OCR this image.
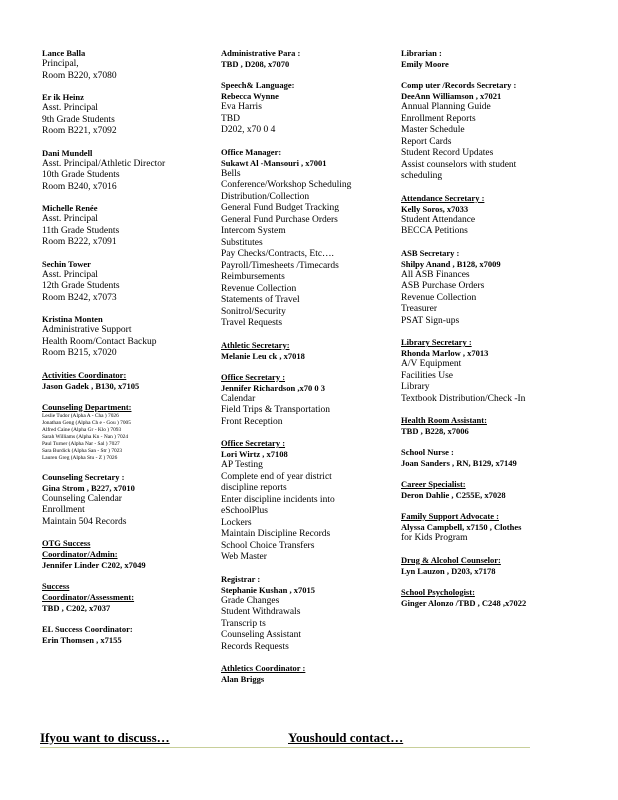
Lance Balla
Principal,
Room B220, x7080
Er ik Heinz
Asst. Principal
9th Grade Students
Room B221, x7092
Dani Mundell
Asst. Principal/Athletic Director
10th Grade Students
Room B240, x7016
Michelle Renée
Asst. Principal
11th Grade Students
Room B222, x7091
Sechin Tower
Asst. Principal
12th Grade Students
Room B242, x7073
Kristina Monten
Administrative Support
Health Room/Contact Backup
Room B215, x7020
Activities Coordinator:
Jason Gadek , B130, x7105
Counseling Department:
Leslie Tudor (Alpha A - Cha ) 7026
Jonathan Geng (Alpha Ch e - Gou ) 7005
Alfred Caine (Alpha Gr - Klo ) 7093
Sarah Williams (Alpha Kn - Nan ) 7024
Paul Turner (Alpha Nar - Sal ) 7027
Sara Burdick (Alpha San - Str ) 7023
Lauren Greg (Alpha Stu - Z ) 7026
Counseling Secretary :
Gina Strom , B227, x7010
Counseling Calendar
Enrollment
Maintain 504 Records
OTG Success
Coordinator/Admin:
Jennifer Linder C202, x7049
Success
Coordinator/Assessment:
TBD , C202, x7037
EL Success Coordinator:
Erin Thomsen , x7155
Administrative Para :
TBD , D208, x7070
Speech& Language:
Rebecca Wynne
Eva Harris
TBD
D202, x70 0 4
Office Manager:
Sukawt Al -Mansouri , x7001
Bells
Conference/Workshop Scheduling
Distribution/Collection
General Fund Budget Tracking
General Fund Purchase Orders
Intercom System
Substitutes
Pay Checks/Contracts, Etc….
Payroll/Timesheets /Timecards
Reimbursements
Revenue Collection
Statements of Travel
Sonitrol/Security
Travel Requests
Athletic Secretary:
Melanie Leu ck , x7018
Office Secretary :
Jennifer Richardson ,x70 0 3
Calendar
Field Trips & Transportation
Front Reception
Office Secretary :
Lori Wirtz , x7108
AP Testing
Complete end of year district
discipline reports
Enter discipline incidents into
eSchoolPlus
Lockers
Maintain Discipline Records
School Choice Transfers
Web Master
Registrar :
Stephanie Kushan , x7015
Grade Changes
Student Withdrawals
Transcrip ts
Counseling Assistant
Records Requests
Athletics Coordinator :
Alan Briggs
Librarian :
Emily Moore
Comp uter /Records Secretary :
DeeAnn Williamson , x7021
Annual Planning Guide
Enrollment Reports
Master Schedule
Report Cards
Student Record Updates
Assist counselors with student
scheduling
Attendance Secretary :
Kelly Soros, x7033
Student Attendance
BECCA Petitions
ASB Secretary :
Shilpy Anand , B128, x7009
All ASB Finances
ASB Purchase Orders
Revenue Collection
Treasurer
PSAT Sign-ups
Library Secretary :
Rhonda Marlow , x7013
A/V Equipment
Facilities Use
Library
Textbook Distribution/Check -In
Health Room Assistant:
TBD , B228, x7006
School Nurse :
Joan Sanders , RN, B129, x7149
Career Specialist:
Deron Dahlie , C255E, x7028
Family Support Advocate :
Alyssa Campbell, x7150 , Clothes
for Kids Program
Drug & Alcohol Counselor:
Lyn Lauzon , D203, x7178
School Psychologist:
Ginger Alonzo /TBD , C248 ,x7022
Ifyou want to discuss…	Youshould contact…
